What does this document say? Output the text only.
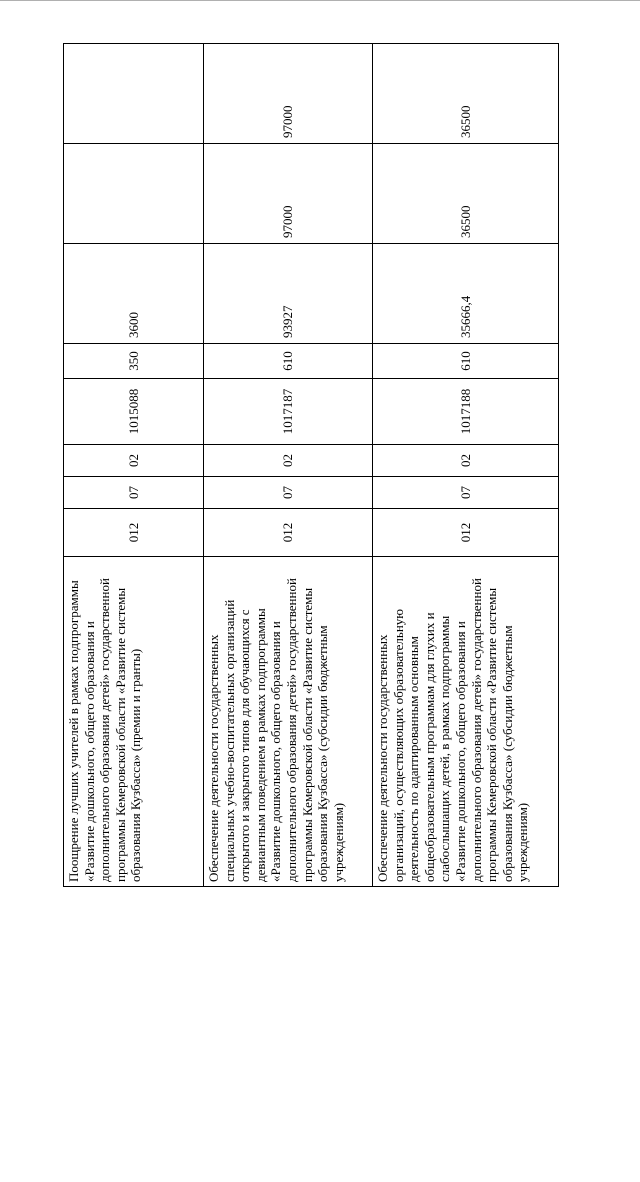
Поощрение лучших учителей в рамках подпрограммы «Развитие дошкольного, общего образования и дополнительного образования детей» государственной программы Кемеровской области «Развитие системы образования Кузбасса» (премии и гранты)	012	07	02	1015088	350	3600		
Обеспечение деятельности государственных специальных учебно-воспитательных организаций открытого и закрытого типов для обучающихся с девиантным поведением в рамках подпрограммы «Развитие дошкольного, общего образования и дополнительного образования детей» государственной программы Кемеровской области «Развитие системы образования Кузбасса» (субсидии бюджетным учреждениям)	012	07	02	1017187	610	93927	97000	97000
Обеспечение деятельности государственных организаций, осуществляющих образовательную деятельность по адаптированным основным общеобразовательным программам для глухих и слабослышащих детей, в рамках подпрограммы «Развитие дошкольного, общего образования и дополнительного образования детей» государственной программы Кемеровской области «Развитие системы образования Кузбасса» (субсидии бюджетным учреждениям)	012	07	02	1017188	610	35666,4	36500	36500
